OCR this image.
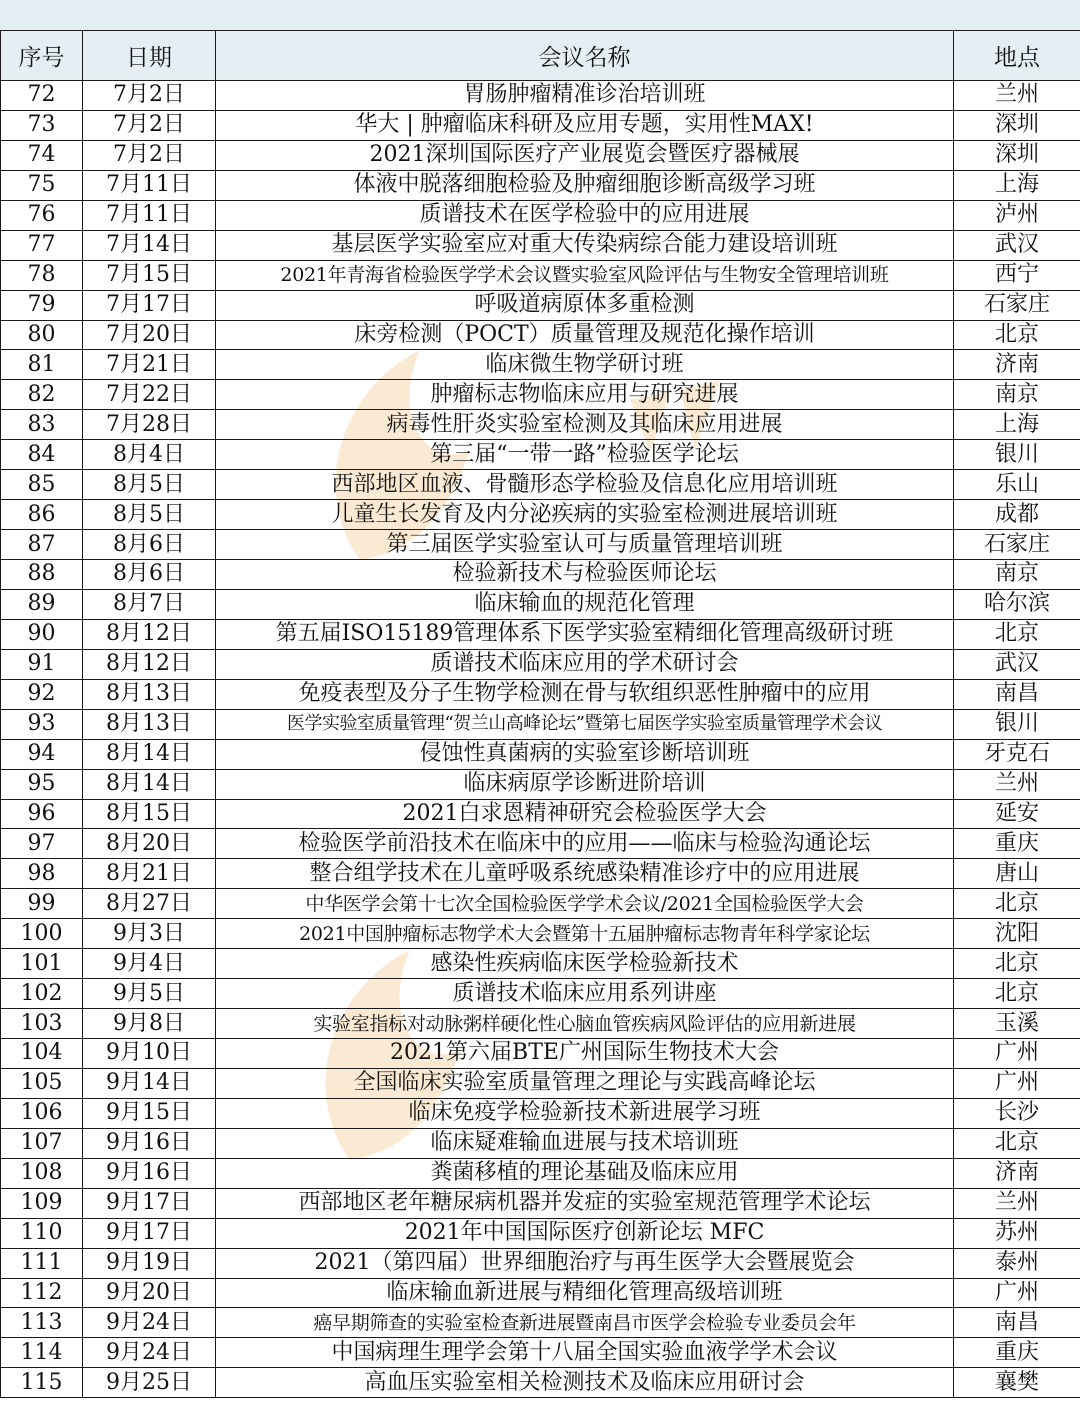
序号	日期	会议名称	地点
72	7月2日	胃肠肿瘤精准诊治培训班	兰州
73	7月2日	华大 | 肿瘤临床科研及应用专题，实用性MAX!	深圳
74	7月2日	2021深圳国际医疗产业展览会暨医疗器械展	深圳
75	7月11日	体液中脱落细胞检验及肿瘤细胞诊断高级学习班	上海
76	7月11日	质谱技术在医学检验中的应用进展	泸州
77	7月14日	基层医学实验室应对重大传染病综合能力建设培训班	武汉
78	7月15日	2021年青海省检验医学学术会议暨实验室风险评估与生物安全管理培训班	西宁
79	7月17日	呼吸道病原体多重检测	石家庄
80	7月20日	床旁检测（POCT）质量管理及规范化操作培训	北京
81	7月21日	临床微生物学研讨班	济南
82	7月22日	肿瘤标志物临床应用与研究进展	南京
83	7月28日	病毒性肝炎实验室检测及其临床应用进展	上海
84	8月4日	第三届“一带一路”检验医学论坛	银川
85	8月5日	西部地区血液、骨髓形态学检验及信息化应用培训班	乐山
86	8月5日	儿童生长发育及内分泌疾病的实验室检测进展培训班	成都
87	8月6日	第三届医学实验室认可与质量管理培训班	石家庄
88	8月6日	检验新技术与检验医师论坛	南京
89	8月7日	临床输血的规范化管理	哈尔滨
90	8月12日	第五届ISO15189管理体系下医学实验室精细化管理高级研讨班	北京
91	8月12日	质谱技术临床应用的学术研讨会	武汉
92	8月13日	免疫表型及分子生物学检测在骨与软组织恶性肿瘤中的应用	南昌
93	8月13日	医学实验室质量管理“贺兰山高峰论坛”暨第七届医学实验室质量管理学术会议	银川
94	8月14日	侵蚀性真菌病的实验室诊断培训班	牙克石
95	8月14日	临床病原学诊断进阶培训	兰州
96	8月15日	2021白求恩精神研究会检验医学大会	延安
97	8月20日	检验医学前沿技术在临床中的应用——临床与检验沟通论坛	重庆
98	8月21日	整合组学技术在儿童呼吸系统感染精准诊疗中的应用进展	唐山
99	8月27日	中华医学会第十七次全国检验医学学术会议/2021全国检验医学大会	北京
100	9月3日	2021中国肿瘤标志物学术大会暨第十五届肿瘤标志物青年科学家论坛	沈阳
101	9月4日	感染性疾病临床医学检验新技术	北京
102	9月5日	质谱技术临床应用系列讲座	北京
103	9月8日	实验室指标对动脉粥样硬化性心脑血管疾病风险评估的应用新进展	玉溪
104	9月10日	2021第六届BTE广州国际生物技术大会	广州
105	9月14日	全国临床实验室质量管理之理论与实践高峰论坛	广州
106	9月15日	临床免疫学检验新技术新进展学习班	长沙
107	9月16日	临床疑难输血进展与技术培训班	北京
108	9月16日	粪菌移植的理论基础及临床应用	济南
109	9月17日	西部地区老年糖尿病机器并发症的实验室规范管理学术论坛	兰州
110	9月17日	2021年中国国际医疗创新论坛 MFC	苏州
111	9月19日	2021（第四届）世界细胞治疗与再生医学大会暨展览会	泰州
112	9月20日	临床输血新进展与精细化管理高级培训班	广州
113	9月24日	癌早期筛查的实验室检查新进展暨南昌市医学会检验专业委员会年	南昌
114	9月24日	中国病理生理学会第十八届全国实验血液学学术会议	重庆
115	9月25日	高血压实验室相关检测技术及临床应用研讨会	襄樊
